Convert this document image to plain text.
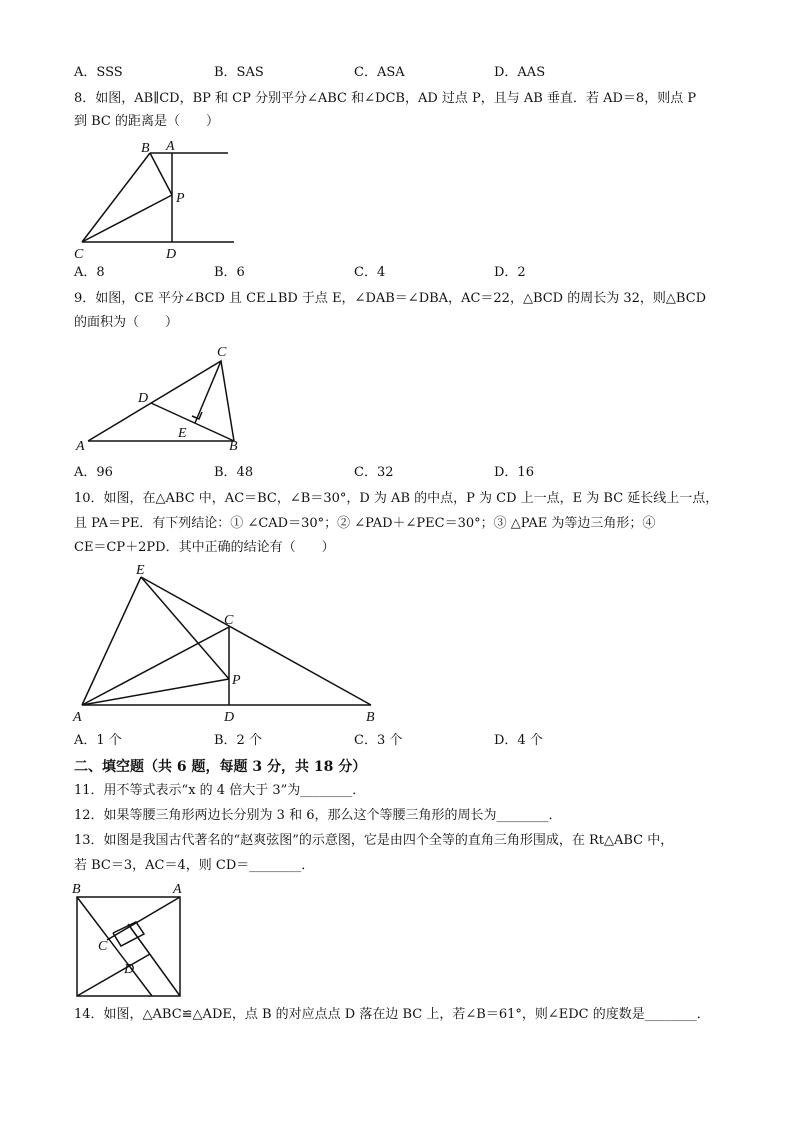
A．SSS	B．SAS	C．ASA	D．AAS
8．如图，AB∥CD，BP 和 CP 分别平分∠ABC 和∠DCB，AD 过点 P，且与 AB 垂直．若 AD＝8，则点 P
到 BC 的距离是（　　）
B A
P
C	D
A．8	B．6	C．4	D．2
9．如图，CE 平分∠BCD 且 CE⊥BD 于点 E，∠DAB＝∠DBA，AC＝22，△BCD 的周长为 32，则△BCD
的面积为（　　）
C
D
E
A	B
A．96	B．48	C．32	D．16
10．如图，在△ABC 中，AC＝BC，∠B＝30°，D 为 AB 的中点，P 为 CD 上一点，E 为 BC 延长线上一点，
且 PA＝PE．有下列结论：① ∠CAD＝30°；② ∠PAD＋∠PEC＝30°；③ △PAE 为等边三角形；④
CE＝CP＋2PD．其中正确的结论有（　　）
E
C
P
A	D	B
A．1 个	B．2 个	C．3 个	D．4 个
二、填空题（共 6 题，每题 3 分，共 18 分）
11．用不等式表示“x 的 4 倍大于 3”为________．
12．如果等腰三角形两边长分别为 3 和 6，那么这个等腰三角形的周长为________．
13．如图是我国古代著名的“赵爽弦图”的示意图，它是由四个全等的直角三角形围成，在 Rt△ABC 中，
若 BC＝3，AC＝4，则 CD＝________．
B	A
C
D
14．如图，△ABC≌△ADE，点 B 的对应点点 D 落在边 BC 上，若∠B＝61°，则∠EDC 的度数是________．
